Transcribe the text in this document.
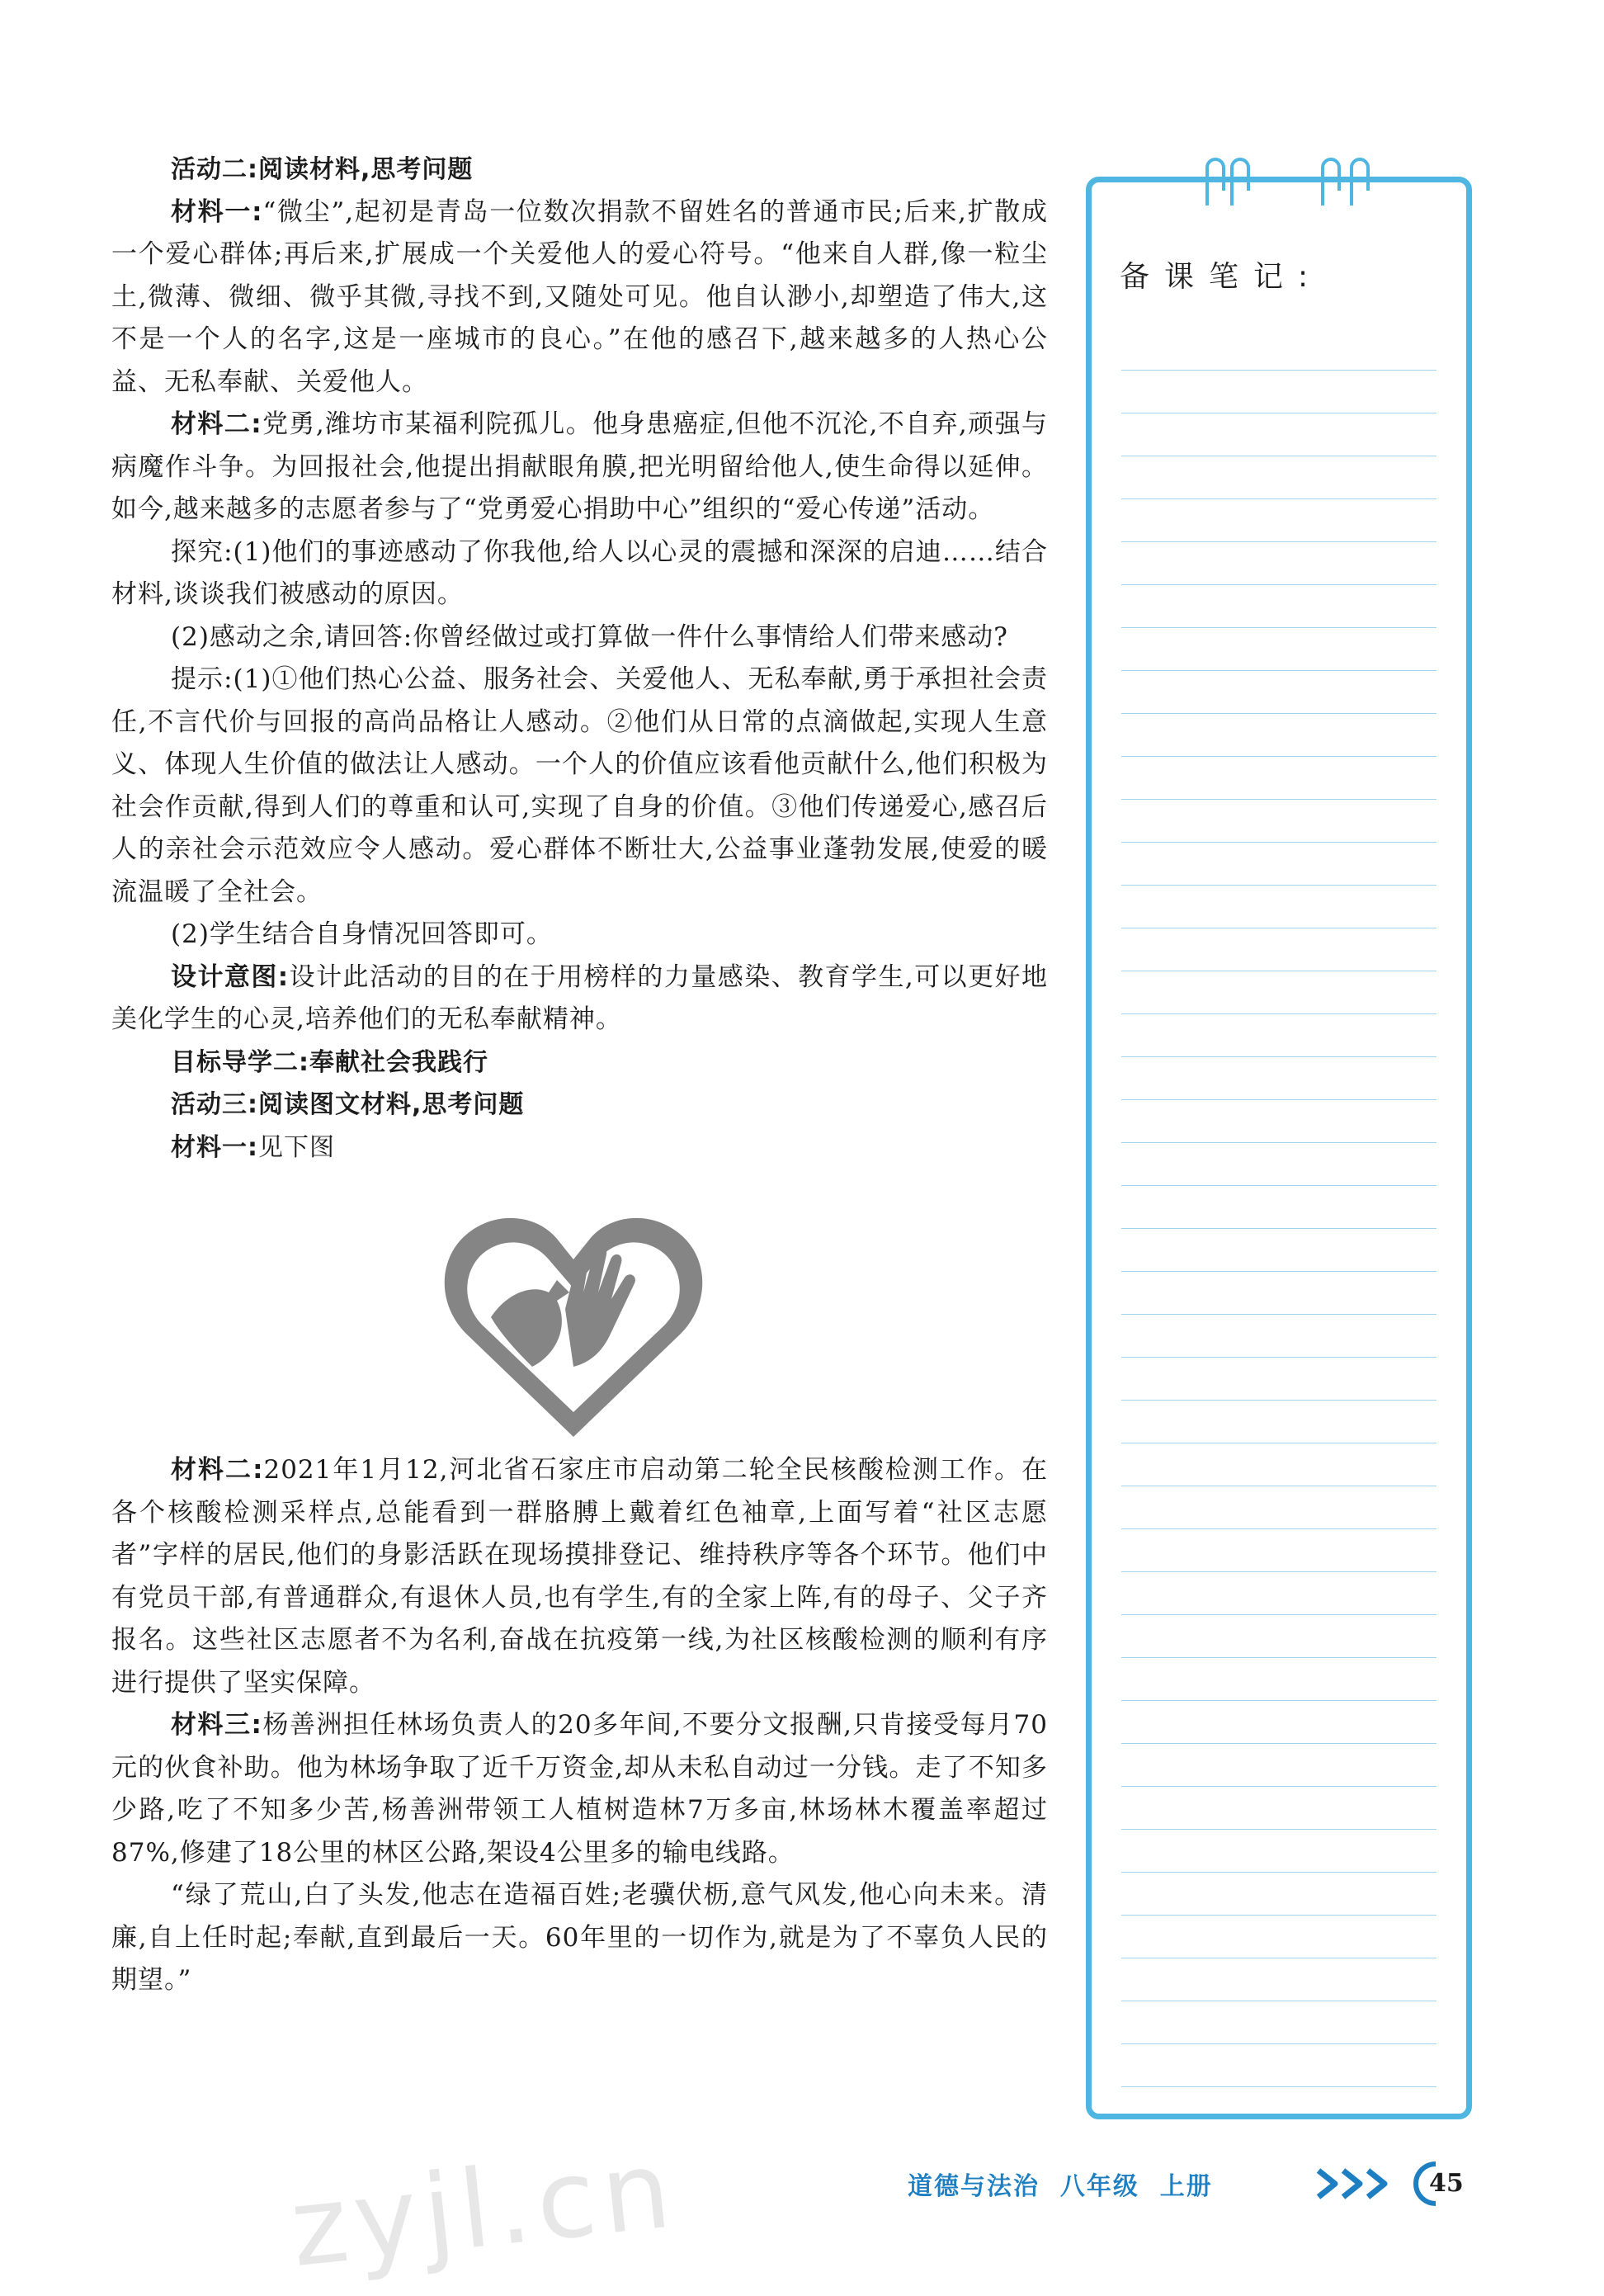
活动二:阅读材料,思考问题

材料一:“微尘”,起初是青岛一位数次捐款不留姓名的普通市民;后来,扩散成一个爱心群体;再后来,扩展成一个关爱他人的爱心符号。“他来自人群,像一粒尘土,微薄、微细、微乎其微,寻找不到,又随处可见。他自认渺小,却塑造了伟大,这不是一个人的名字,这是一座城市的良心。”在他的感召下,越来越多的人热心公益、无私奉献、关爱他人。

材料二:党勇,潍坊市某福利院孤儿。他身患癌症,但他不沉沦,不自弃,顽强与病魔作斗争。为回报社会,他提出捐献眼角膜,把光明留给他人,使生命得以延伸。如今,越来越多的志愿者参与了“党勇爱心捐助中心”组织的“爱心传递”活动。

探究:(1)他们的事迹感动了你我他,给人以心灵的震撼和深深的启迪……结合材料,谈谈我们被感动的原因。

(2)感动之余,请回答:你曾经做过或打算做一件什么事情给人们带来感动?

提示:(1)①他们热心公益、服务社会、关爱他人、无私奉献,勇于承担社会责任,不言代价与回报的高尚品格让人感动。②他们从日常的点滴做起,实现人生意义、体现人生价值的做法让人感动。一个人的价值应该看他贡献什么,他们积极为社会作贡献,得到人们的尊重和认可,实现了自身的价值。③他们传递爱心,感召后人的亲社会示范效应令人感动。爱心群体不断壮大,公益事业蓬勃发展,使爱的暖流温暖了全社会。

(2)学生结合自身情况回答即可。

设计意图:设计此活动的目的在于用榜样的力量感染、教育学生,可以更好地美化学生的心灵,培养他们的无私奉献精神。

目标导学二:奉献社会我践行

活动三:阅读图文材料,思考问题

材料一:见下图

材料二:2021年1月12,河北省石家庄市启动第二轮全民核酸检测工作。在各个核酸检测采样点,总能看到一群胳膊上戴着红色袖章,上面写着“社区志愿者”字样的居民,他们的身影活跃在现场摸排登记、维持秩序等各个环节。他们中有党员干部,有普通群众,有退休人员,也有学生,有的全家上阵,有的母子、父子齐报名。这些社区志愿者不为名利,奋战在抗疫第一线,为社区核酸检测的顺利有序进行提供了坚实保障。

材料三:杨善洲担任林场负责人的20多年间,不要分文报酬,只肯接受每月70元的伙食补助。他为林场争取了近千万资金,却从未私自动过一分钱。走了不知多少路,吃了不知多少苦,杨善洲带领工人植树造林7万多亩,林场林木覆盖率超过87%,修建了18公里的林区公路,架设4公里多的输电线路。

“绿了荒山,白了头发,他志在造福百姓;老骥伏枥,意气风发,他心向未来。清廉,自上任时起;奉献,直到最后一天。60年里的一切作为,就是为了不辜负人民的期望。”

备课笔记:
道德与法治  八年级  上册	45
zyjl.cn
